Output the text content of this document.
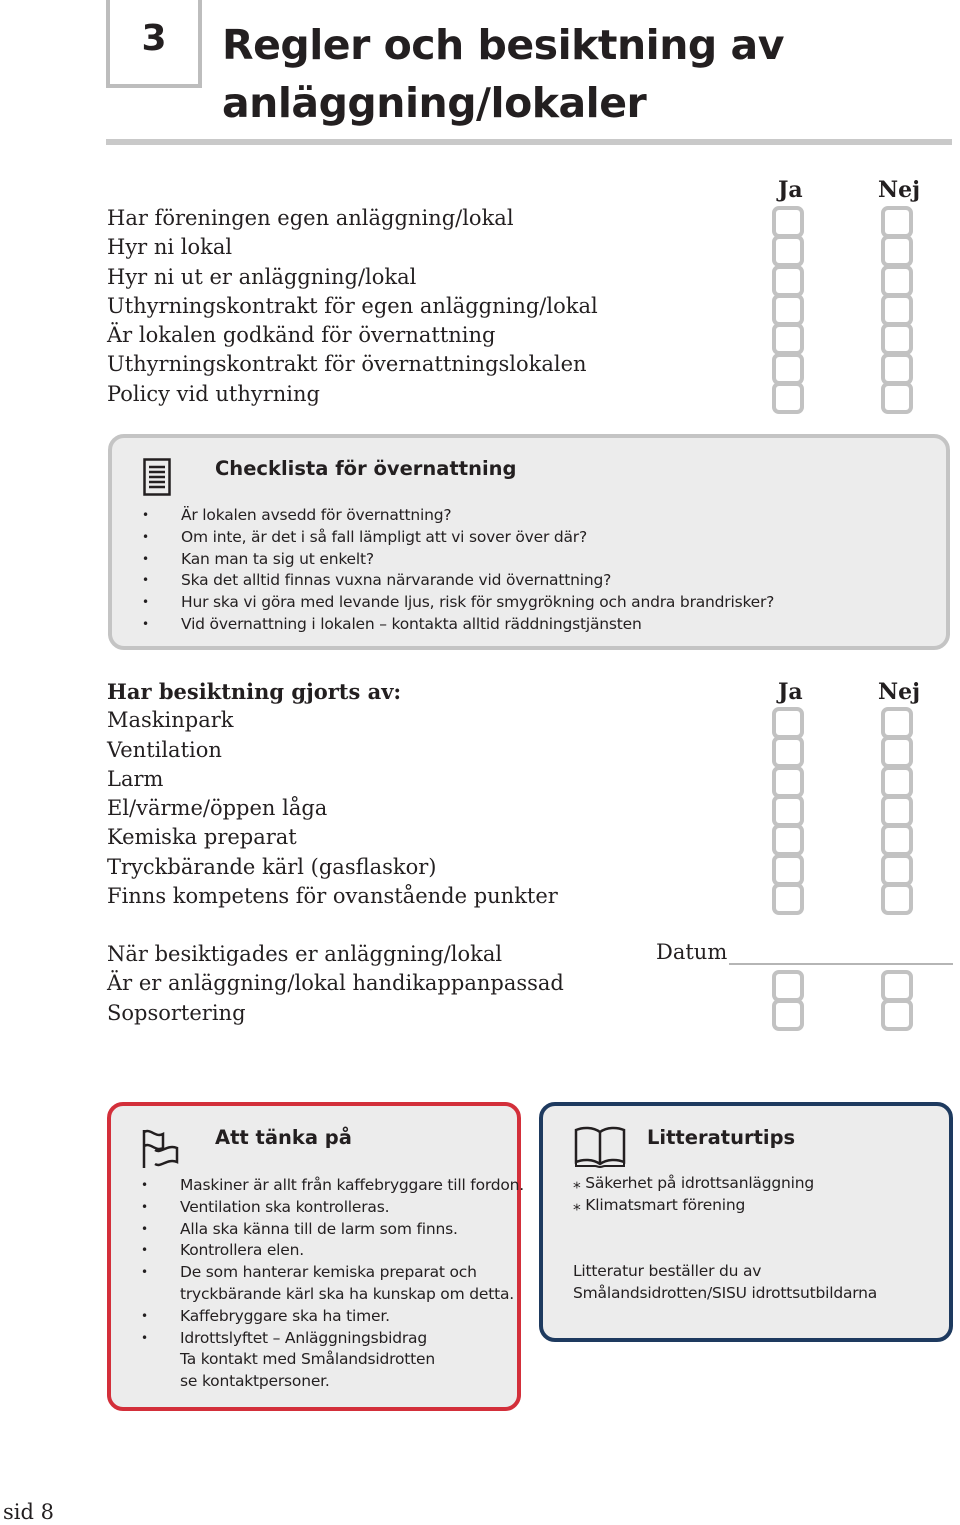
3	Regler och besiktning av
anläggning/lokaler
Ja	Nej
Har föreningen egen anläggning/lokal
Hyr ni lokal
Hyr ni ut er anläggning/lokal
Uthyrningskontrakt för egen anläggning/lokal
Är lokalen godkänd för övernattning
Uthyrningskontrakt för övernattningslokalen
Policy vid uthyrning
Checklista för övernattning
• Är lokalen avsedd för övernattning?
• Om inte, är det i så fall lämpligt att vi sover över där?
• Kan man ta sig ut enkelt?
• Ska det alltid finnas vuxna närvarande vid övernattning?
• Hur ska vi göra med levande ljus, risk för smygrökning och andra brandrisker?
• Vid övernattning i lokalen – kontakta alltid räddningstjänsten
Ja	Nej
Har besiktning gjorts av:
Maskinpark
Ventilation
Larm
El/värme/öppen låga
Kemiska preparat
Tryckbärande kärl (gasflaskor)
Finns kompetens för ovanstående punkter
När besiktigades er anläggning/lokal
Är er anläggning/lokal handikappanpassad
Sopsortering
Datum
Att tänka på
• Maskiner är allt från kaffebryggare till fordon.
• Ventilation ska kontrolleras.
• Alla ska känna till de larm som finns.
• Kontrollera elen.
• De som hanterar kemiska preparat och
tryckbärande kärl ska ha kunskap om detta.
• Kaffebryggare ska ha timer.
• Idrottslyftet – Anläggningsbidrag
Ta kontakt med Smålandsidrotten
se kontaktpersoner.
Litteraturtips
⁎ Säkerhet på idrottsanläggning
⁎ Klimatsmart förening
Litteratur beställer du av
Smålandsidrotten/SISU idrottsutbildarna
sid 8
